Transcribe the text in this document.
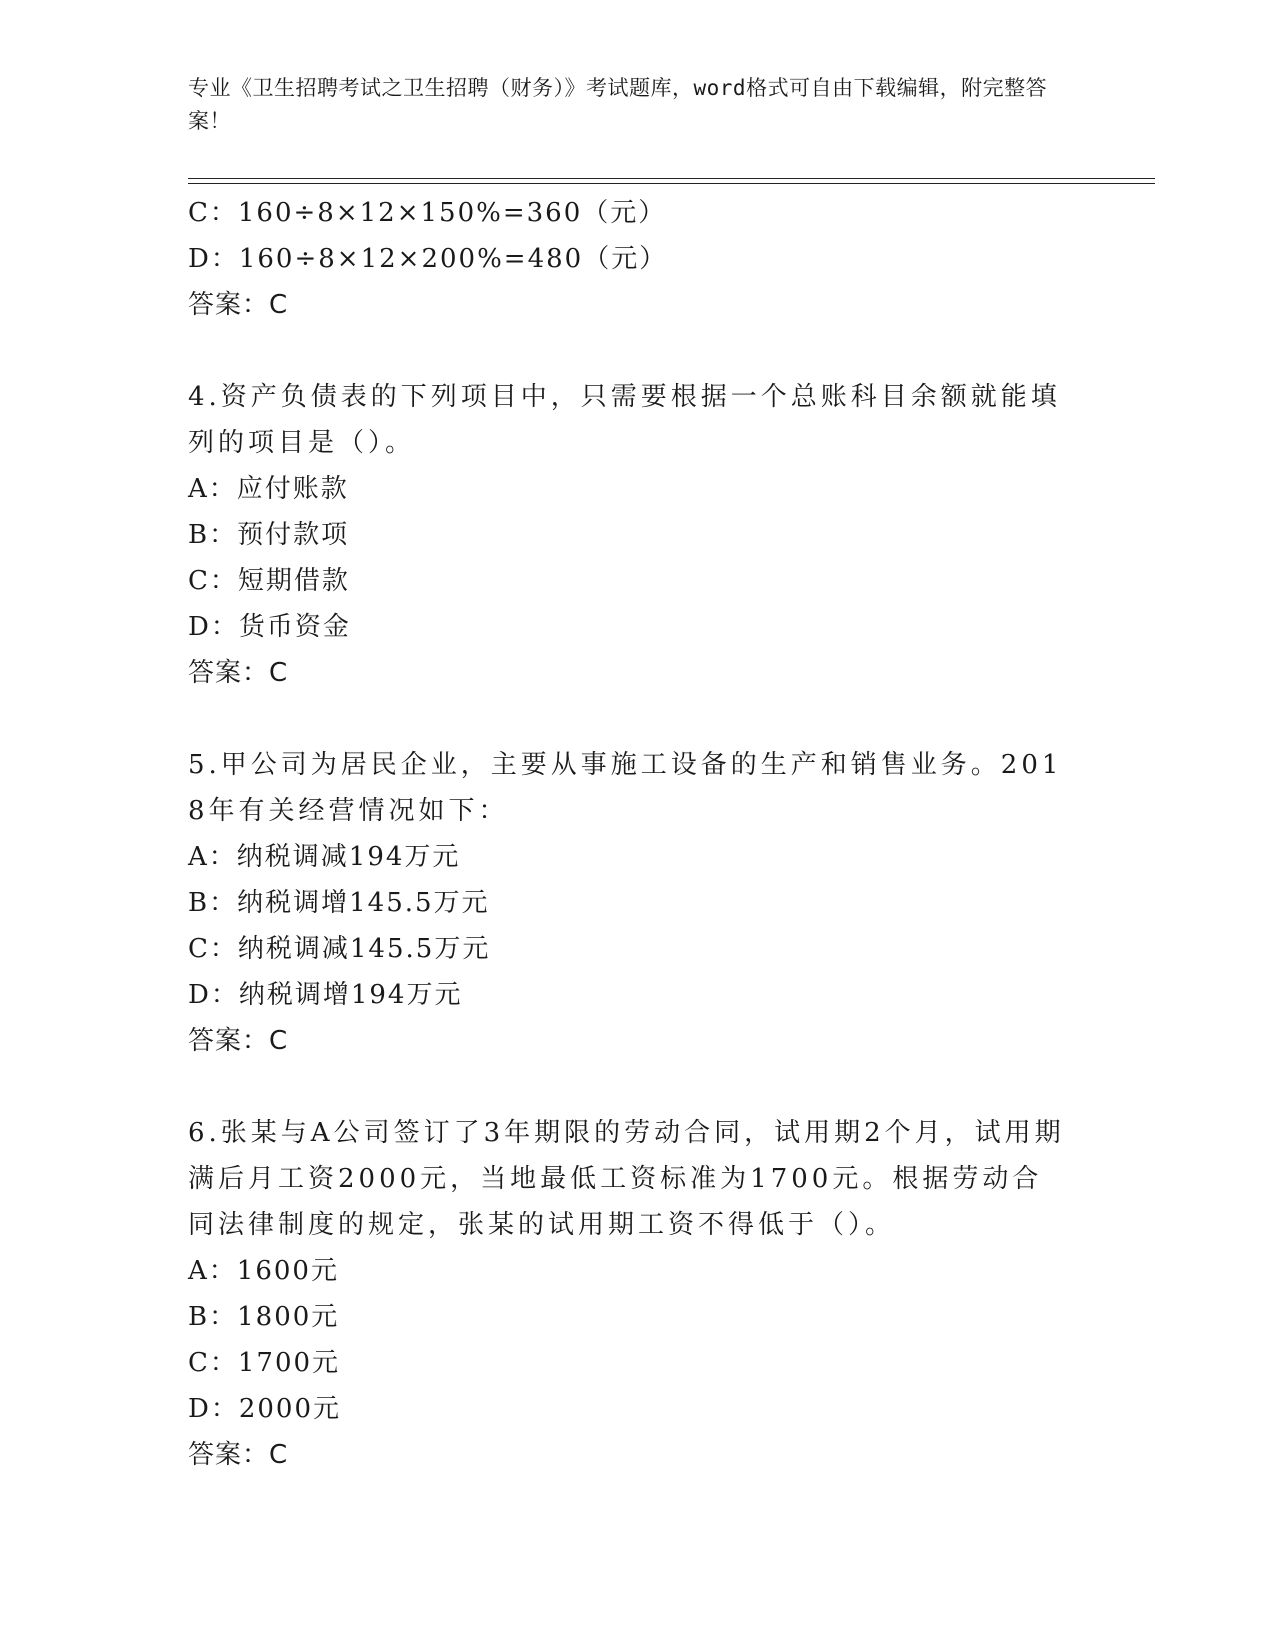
专业《卫生招聘考试之卫生招聘（财务）》考试题库，word格式可自由下载编辑，附完整答案！
C：160÷8×12×150%=360（元）
D：160÷8×12×200%=480（元）
答案：C
4.资产负债表的下列项目中，只需要根据一个总账科目余额就能填列的项目是（）。
A：应付账款
B：预付款项
C：短期借款
D：货币资金
答案：C
5.甲公司为居民企业，主要从事施工设备的生产和销售业务。2018年有关经营情况如下：
A：纳税调减194万元
B：纳税调增145.5万元
C：纳税调减145.5万元
D：纳税调增194万元
答案：C
6.张某与A公司签订了3年期限的劳动合同，试用期2个月，试用期满后月工资2000元，当地最低工资标准为1700元。根据劳动合同法律制度的规定，张某的试用期工资不得低于（）。
A：1600元
B：1800元
C：1700元
D：2000元
答案：C
